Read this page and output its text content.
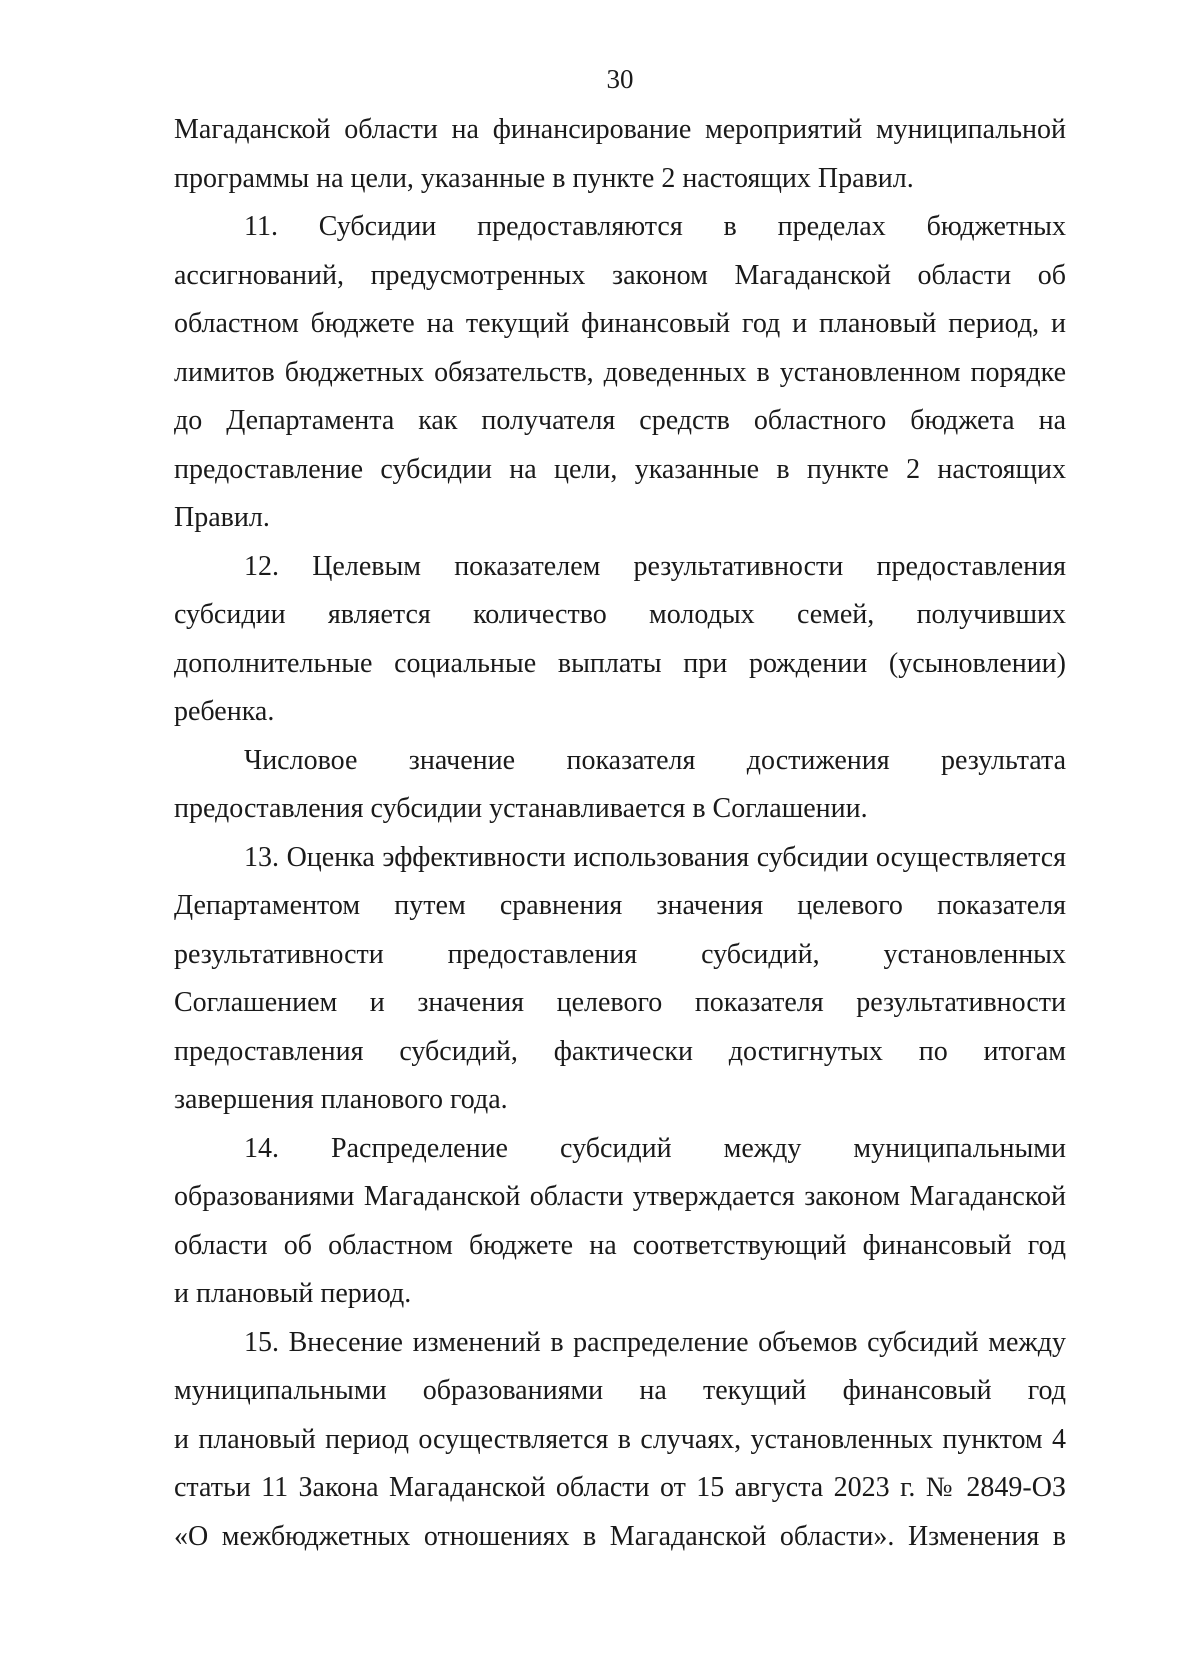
30
Магаданской области на финансирование мероприятий муниципальной
программы на цели, указанные в пункте 2 настоящих Правил.
11. Субсидии предоставляются в пределах бюджетных
ассигнований, предусмотренных законом Магаданской области об
областном бюджете на текущий финансовый год и плановый период, и
лимитов бюджетных обязательств, доведенных в установленном порядке
до Департамента как получателя средств областного бюджета на
предоставление субсидии на цели, указанные в пункте 2 настоящих
Правил.
12. Целевым показателем результативности предоставления
субсидии является количество молодых семей, получивших
дополнительные социальные выплаты при рождении (усыновлении)
ребенка.
Числовое значение показателя достижения результата
предоставления субсидии устанавливается в Соглашении.
13. Оценка эффективности использования субсидии осуществляется
Департаментом путем сравнения значения целевого показателя
результативности предоставления субсидий, установленных
Соглашением и значения целевого показателя результативности
предоставления субсидий, фактически достигнутых по итогам
завершения планового года.
14. Распределение субсидий между муниципальными
образованиями Магаданской области утверждается законом Магаданской
области об областном бюджете на соответствующий финансовый год
и плановый период.
15. Внесение изменений в распределение объемов субсидий между
муниципальными образованиями на текущий финансовый год
и плановый период осуществляется в случаях, установленных пунктом 4
статьи 11 Закона Магаданской области от 15 августа 2023 г. № 2849-ОЗ
«О межбюджетных отношениях в Магаданской области». Изменения в
